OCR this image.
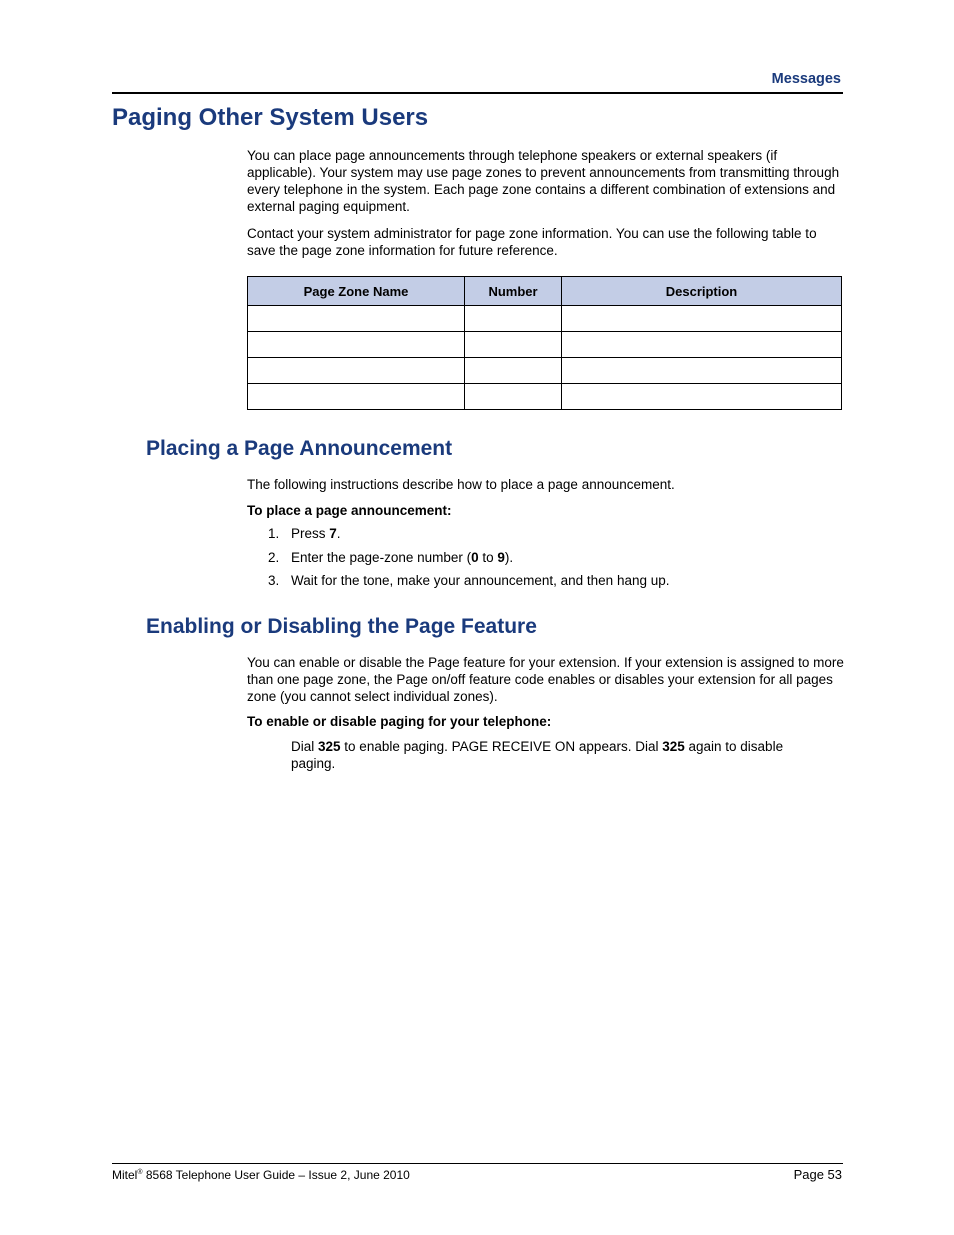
Messages
Paging Other System Users

You can place page announcements through telephone speakers or external speakers (if applicable). Your system may use page zones to prevent announcements from transmitting through every telephone in the system. Each page zone contains a different combination of extensions and external paging equipment.

Contact your system administrator for page zone information. You can use the following table to save the page zone information for future reference.

Page Zone Name	Number	Description

Placing a Page Announcement

The following instructions describe how to place a page announcement.

To place a page announcement:

1. Press 7.
2. Enter the page-zone number (0 to 9).
3. Wait for the tone, make your announcement, and then hang up.
Enabling or Disabling the Page Feature

You can enable or disable the Page feature for your extension. If your extension is assigned to more than one page zone, the Page on/off feature code enables or disables your extension for all pages zone (you cannot select individual zones).

To enable or disable paging for your telephone:

Dial 325 to enable paging. PAGE RECEIVE ON appears. Dial 325 again to disable paging.

Mitel® 8568 Telephone User Guide – Issue 2, June 2010	Page 53
